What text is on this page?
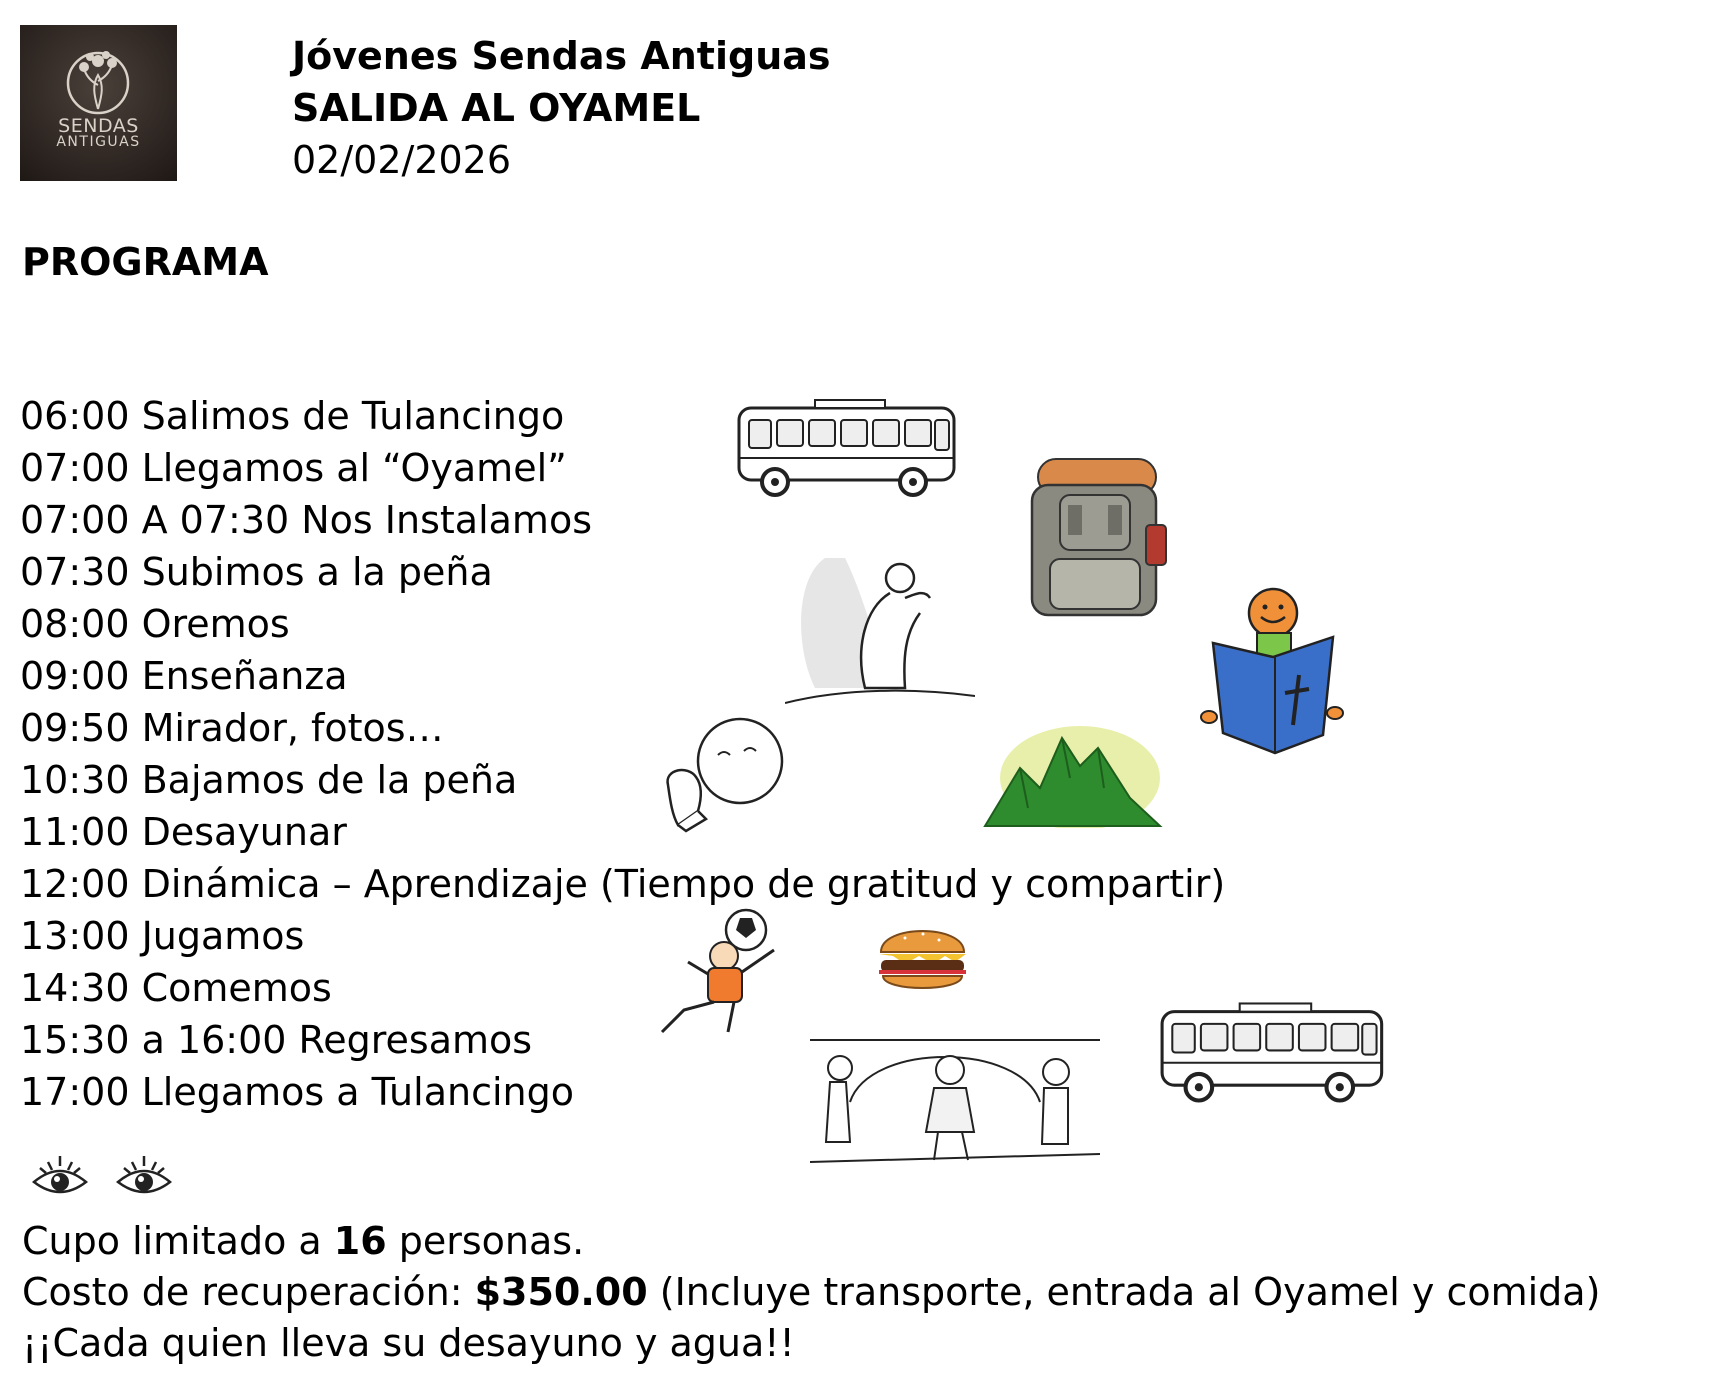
SENDAS
ANTIGUAS
Jóvenes Sendas Antiguas
SALIDA AL OYAMEL
02/02/2026
PROGRAMA
06:00 Salimos de Tulancingo
07:00 Llegamos al “Oyamel”
07:00 A 07:30 Nos Instalamos
07:30 Subimos a la peña
08:00 Oremos
09:00 Enseñanza
09:50 Mirador, fotos…
10:30 Bajamos de la peña
11:00 Desayunar
12:00 Dinámica – Aprendizaje (Tiempo de gratitud y compartir)
13:00 Jugamos
14:30 Comemos
15:30 a 16:00 Regresamos
17:00 Llegamos a Tulancingo
Cupo limitado a 16 personas.
Costo de recuperación: $350.00 (Incluye transporte, entrada al Oyamel y comida)
¡¡Cada quien lleva su desayuno y agua!!
